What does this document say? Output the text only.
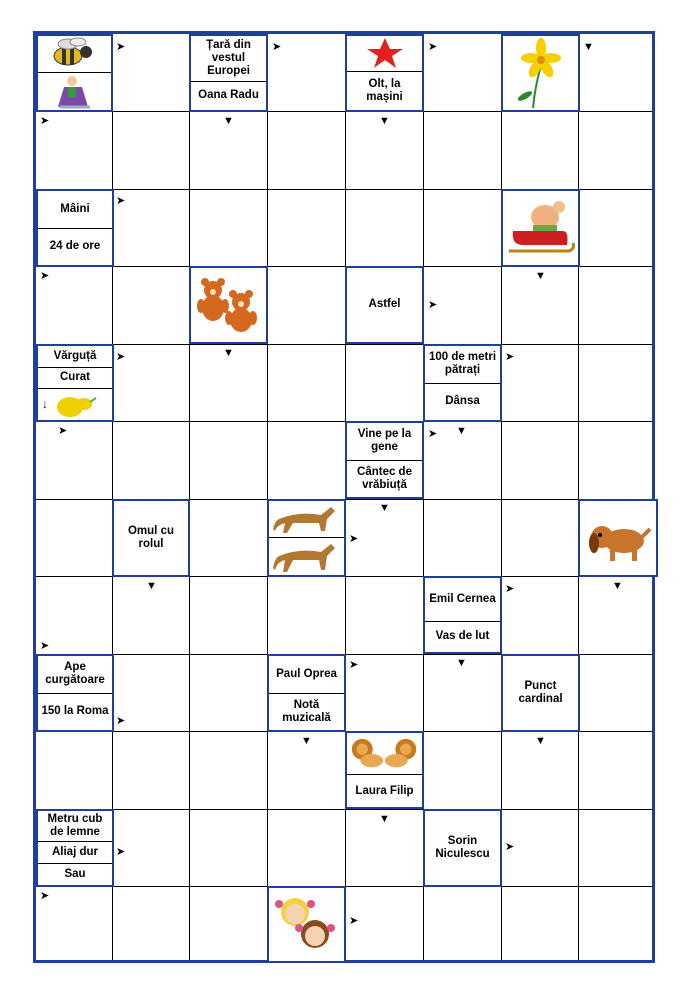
➤
➤
Țară din vestul Europei
Oana Radu
➤
▼
Olt, la mașini
➤
▼
▼
Mâini
24 de ore
➤
➤	▼
Astfel	➤
Vărguță
Curat
↓
➤	▼
➤
100 de metri pătrați
Dânsa
➤
Vine pe la gene
Cântec de vrăbiuță
➤ ▼
▼
Omul cu rolul
▼
➤
▼
➤
Emil Cernea
Vas de lut
➤
▼
Ape curgătoare
150 la Roma
➤
Paul Oprea
Notă muzicală
➤
▼
Punct cardinal
▼
Laura Filip
▼
Metru cub de lemne
Aliaj dur
Sau
➤
Sorin Niculescu
➤
➤
➤
